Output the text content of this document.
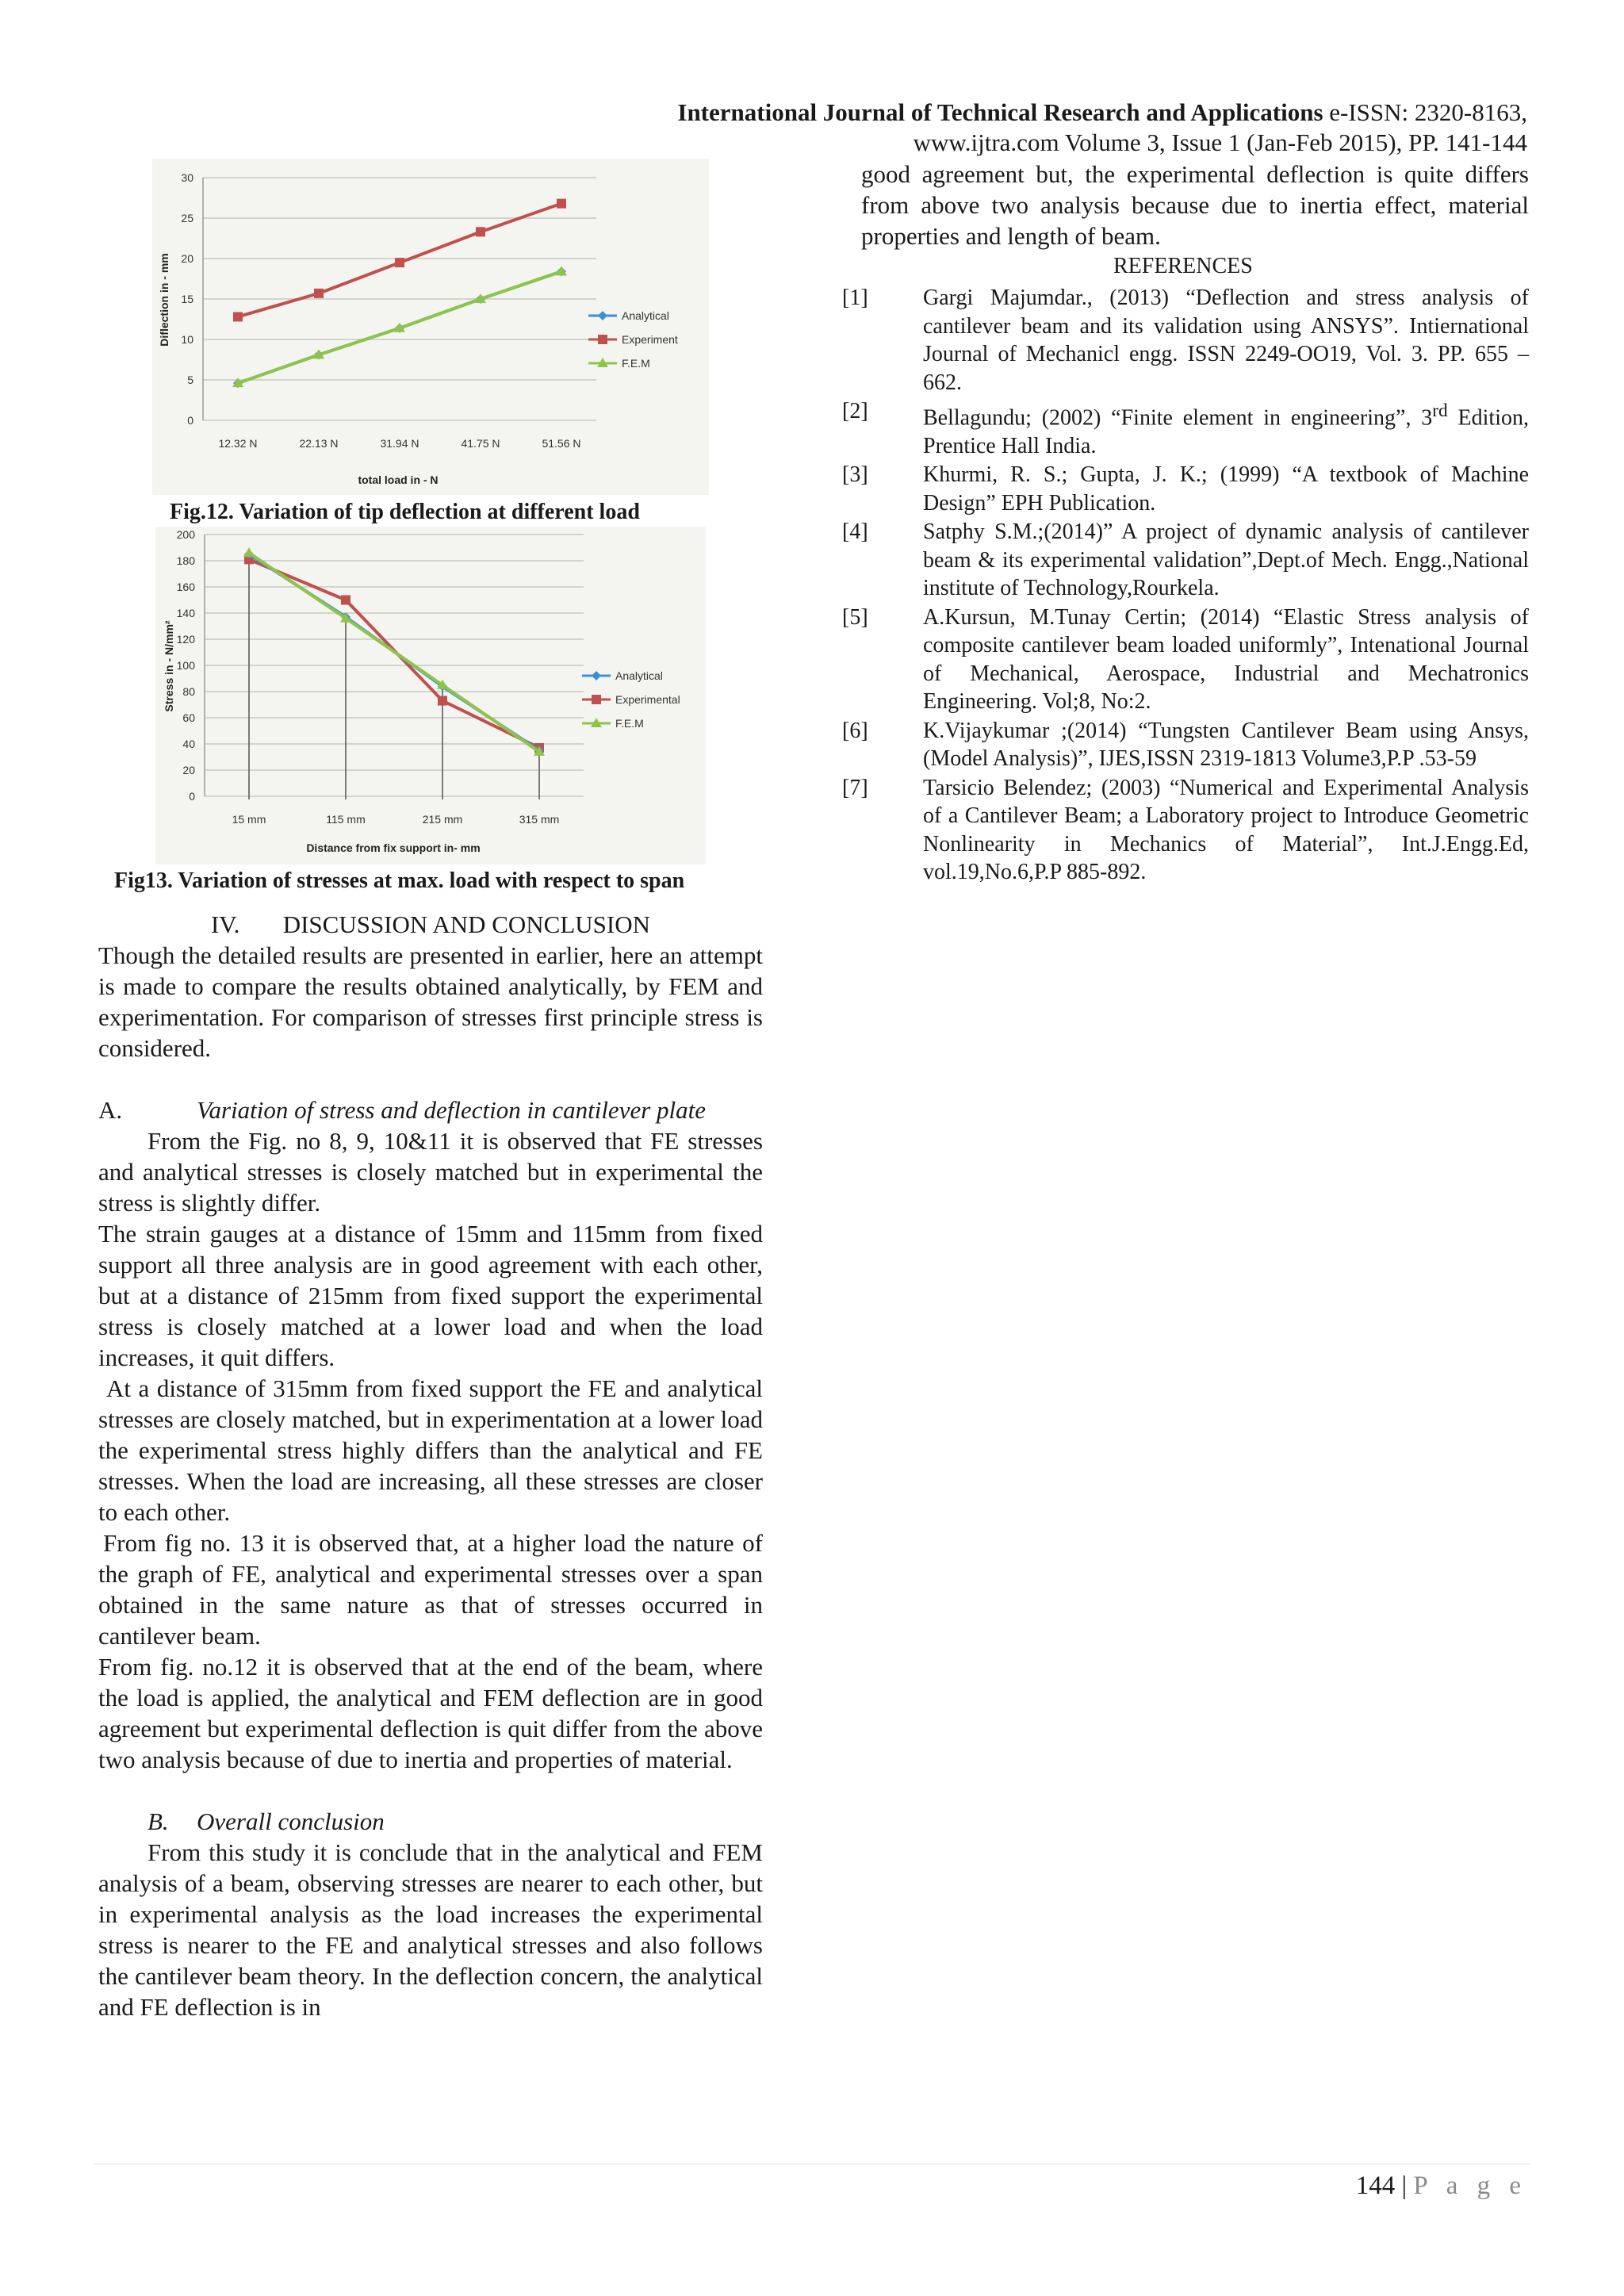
International Journal of Technical Research and Applications e-ISSN: 2320-8163,
www.ijtra.com Volume 3, Issue 1 (Jan-Feb 2015), PP. 141-144
0
5
10
15
20
25
30
12.32 N	22.13 N	31.94 N	41.75 N	51.56 N
Analytical
Experiment
F.E.M
total load in - N
Diflection in - mm
Fig.12. Variation of tip deflection at different load
0
20
40
60
80
100
120
140
160
180
200
15 mm	115 mm	215 mm	315 mm
Analytical
Experimental
F.E.M
Distance from fix support in- mm
Stress in - N/mm²
Fig13. Variation of stresses at max. load with respect to span

IV. DISCUSSION AND CONCLUSION

Though the detailed results are presented in earlier, here an attempt is made to compare the results obtained analytically, by FEM and experimentation. For comparison of stresses first principle stress is considered.

A.	Variation of stress and deflection in cantilever plate

From the Fig. no 8, 9, 10&11 it is observed that FE stresses and analytical stresses is closely matched but in experimental the stress is slightly differ.

The strain gauges at a distance of 15mm and 115mm from fixed support all three analysis are in good agreement with each other, but at a distance of 215mm from fixed support the experimental stress is closely matched at a lower load and when the load increases, it quit differs.

At a distance of 315mm from fixed support the FE and analytical stresses are closely matched, but in experimentation at a lower load the experimental stress highly differs than the analytical and FE stresses. When the load are increasing, all these stresses are closer to each other.

From fig no. 13 it is observed that, at a higher load the nature of the graph of FE, analytical and experimental stresses over a span obtained in the same nature as that of stresses occurred in cantilever beam.

From fig. no.12 it is observed that at the end of the beam, where the load is applied, the analytical and FEM deflection are in good agreement but experimental deflection is quit differ from the above two analysis because of due to inertia and properties of material.

B. Overall conclusion

From this study it is conclude that in the analytical and FEM analysis of a beam, observing stresses are nearer to each other, but in experimental analysis as the load increases the experimental stress is nearer to the FE and analytical stresses and also follows the cantilever beam theory. In the deflection concern, the analytical and FE deflection is in

good agreement but, the experimental deflection is quite differs from above two analysis because due to inertia effect, material properties and length of beam.
REFERENCES
[1]	Gargi Majumdar., (2013) “Deflection and stress analysis of cantilever beam and its validation using ANSYS”. Intiernational Journal of Mechanicl engg. ISSN 2249-OO19, Vol. 3. PP. 655 – 662.
[2]	Bellagundu; (2002) “Finite element in engineering”, 3rd Edition, Prentice Hall India.
[3]	Khurmi, R. S.; Gupta, J. K.; (1999) “A textbook of Machine Design” EPH Publication.
[4]	Satphy S.M.;(2014)” A project of dynamic analysis of cantilever beam & its experimental validation”,Dept.of Mech. Engg.,National institute of Technology,Rourkela.
[5]	A.Kursun, M.Tunay Certin; (2014) “Elastic Stress analysis of composite cantilever beam loaded uniformly”, Intenational Journal of Mechanical, Aerospace, Industrial and Mechatronics Engineering. Vol;8, No:2.
[6]	K.Vijaykumar ;(2014) “Tungsten Cantilever Beam using Ansys, (Model Analysis)”, IJES,ISSN 2319-1813 Volume3,P.P .53-59
[7]	Tarsicio Belendez; (2003) “Numerical and Experimental Analysis of a Cantilever Beam; a Laboratory project to Introduce Geometric Nonlinearity in Mechanics of Material”, Int.J.Engg.Ed, vol.19,No.6,P.P 885-892.
144 | P a g e
